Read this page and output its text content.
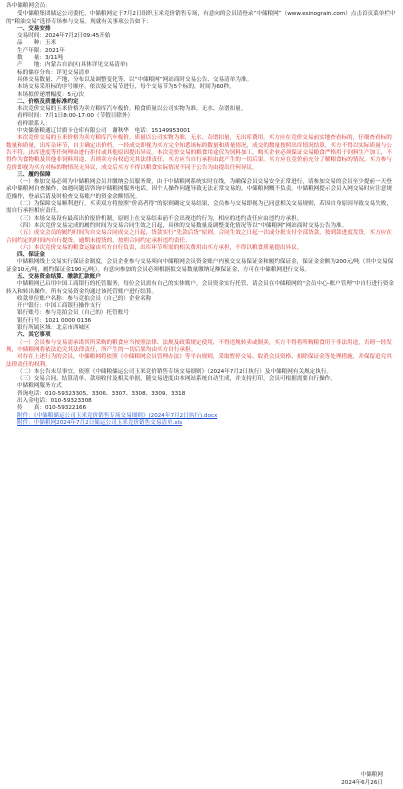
各中储粮网会员：

受中储粮集团储运公司委托，中储粮网定于7月2日组织玉米竞价销售专场，有意向的会员请登录“中储粮网”（www.esinograin.com）点击首页菜单栏中的“粮油交易”选择专场参与交易。现就有关事项公告如下：

一、交易安排

交易时间：2024年7月2日09:45开始

品　　种：玉米

生产年限：2021年

数　　量：3/11吨

产　　地：内蒙古自治区(具体详见交易清单)

标的储存分布：详见交易清单

具体交易数量、产地、分布以及调整变化等，以“中储粮网”网站商时交易公告、交易清单为准。

本场交易采用标的序号顺序，依次接交易节进行，每个交易节为5个标的，时间为60秒。

本场拟价递增幅度：5元/次

二、价格及质量标准约定

本次竞价交易的玉米价格为卖方粮库汽车板价。粮食质量以公司实物为准，无水、杂谱扣量。

看样时间：7月1日8:00-17:00（节假日除外）

看样联系人：

中央储备粮通辽甘旗卡仓库有限公司　谢秋华　电话：15149953001

本次竞价交易的玉米价格为卖方粮库汽车板价。质量以公司实物为准，无水、杂谱扣量，无出库费用。买方应在竞价交易前实地查看标的，仔细查看标的数量和质量，出库杂环节，自主确定出价档。一经成交即视为买方完全知悉该标的数量和质量情况，成交的数量按照出库情况结算，买方不得以实际质量与公告不符、出库进度等任何理由进行拒付或其他原因提出异议。本次竞价交易的粮食用途仅为饲料加工，购买企业必须保证交易粮食严格用于饲料生产加工，不得作为食物粮及其他非饲料用途，否则卖方有权追究其法律责任，买方应当自行承担由此产生的一切后果。买方应在竞价前充分了解粮食标的情况，买方参与竞价即视为买方对标的物情况无异议，成交后买方不得以粮食实际情况不同于公告为由提出任何异议。

三、履约保障

（一）参加交易必须为中储粮网会员并缴纳会员服务费，由于中储粮网系统实时在线，为确保会员交易安全正常进行，请参加交易的会员至少提前一天登录中储粮网自查操作，如遇问题请咨询中储粮网服务电话。因个人操作问题导致无法正常交易的，中储粮网概不负责。中储粮网提示会员入网交易时应注意规范操作，登录后请及时检查交易账户的资金余额情况。

（二）为保障交易顺利进行，买卖双方将按照“价高者得”的原则确定交易结果，会员参与交易即视为已同意相关交易规则，若因自身原因导致交易失败，需自行承担相应责任。

（三）本场交易设有最高出价报价机制，原则上在交易结束前不会出现违约行为，相应的违约责任应由违约方承担。

（四）本次竞价交易完成的履约时间为交易合同生效之日起，具体的交易数量及调整变化情况等以“中储粮网”网站商时交易公告为准。

（五）成交会员的履约时间为自交易合同成交之日起，货款实行“先款后货”原则，合同生效之日起一次或分批支付全部货款，按到款进度发货，买方应在合同约定的时间内自行提货。逾期未提货的，按照合同约定承担违约责任。

（六）本次竞价交易的粮食运输由买方自行负责，出库环节所需的相关费用由买方承担，不得以粮食质量提出异议。

四、保证金

中储粮网线上交易实行保证金制度，会员企业参与交易须向中储粮网会员资金账户内预交交易保证金和履约保证金，保证金金额为200元/吨（其中交易保证金10元/吨，履约保证金190元/吨）。有意向参加的会员必须根据拟交易数量缴纳足额保证金，方可在中储粮网进行交易。

五、交易资金结算、缴款汇款账户

中储粮网已启用中国工商银行的托管服务，每位会员需有自己的实体账户，会员资金实行托管，请会员在中储粮网的“会员中心-账户管理”中自行进行资金转入和转出操作，所有交易资金均通过该托管账户进行结算。

收款单位账户名称：参与竞拍会员（自己的）企业名称

开户银行：中国工商银行操作支行

银行账号：参与竞拍会员（自己的）托管账号

银行行号：1021 0000 0136

银行所属区域：北京市西城区

六、其它事项

（一）会员参与交易需承诺其所采购的粮食应当按照法律、法规及政策规定使用，不得违规转卖或倒卖，买方不得将所购粮食用于非法用途，否则一经发现，中储粮网将依法追究其法律责任，所产生的一切后果均由买方自行承担。

对存在上述行为的会员，中储粮网将依照《中储粮网会员管理办法》等平台规则，采取暂停交易、取消会员资格、扣除保证金等处理措施，并保留追究其法律责任的权利。

（二）本公告未尽事宜，依照《中储粮储运公司玉米竞价销售专场交易细则》（2024年7月2日执行）及中储粮网有关规定执行。

（三）交易合同、结算清单、款项收付及相关单据，随交易进度由本网站系统自动生成，并支持打印，会员可根据需要自行操作。

中储粮网服务方式

咨询电话：010-59323305、3306、3307、3308、3309、3318

出入金电话：010-59323308

传　　真：010-59322166

附件：《中储粮储运公司玉米竞价销售专场交易细则》(2024年7月2日执行).docx

附件：中储粮网2024年7月2日储运公司玉米竞价销售交易清单.xls

中储粮网
2024年6月26日
